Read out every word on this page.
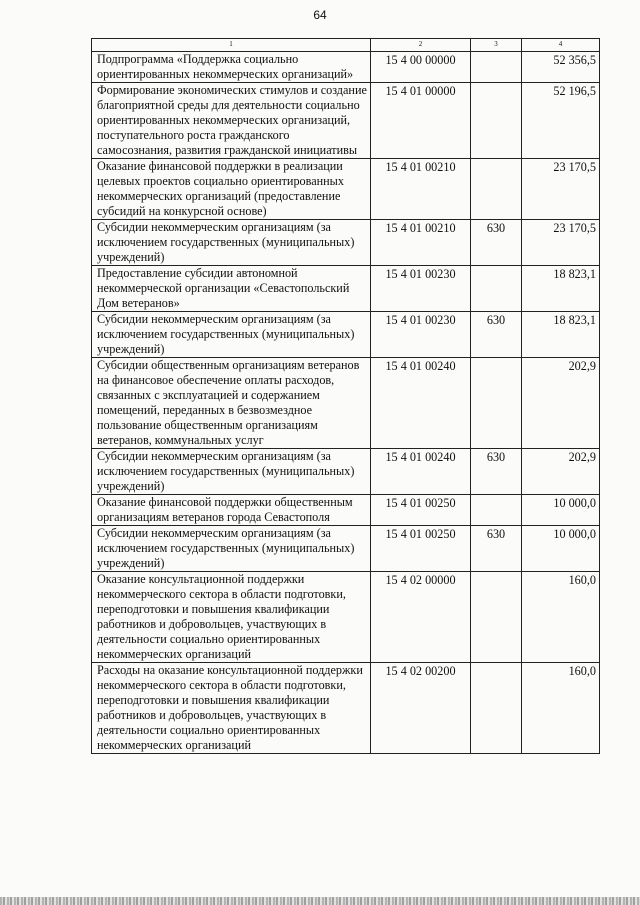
64
1	2	3	4
Подпрограмма «Поддержка социально ориентированных некоммерческих организаций»	15 4 00 00000		52 356,5
Формирование экономических стимулов и создание благоприятной среды для деятельности социально ориентированных некоммерческих организаций, поступательного роста гражданского самосознания, развития гражданской инициативы	15 4 01 00000		52 196,5
Оказание финансовой поддержки в реализации целевых проектов социально ориентированных некоммерческих организаций (предоставление субсидий на конкурсной основе)	15 4 01 00210		23 170,5
Субсидии некоммерческим организациям (за исключением государственных (муниципальных) учреждений)	15 4 01 00210	630	23 170,5
Предоставление субсидии автономной некоммерческой организации «Севастопольский Дом ветеранов»	15 4 01 00230		18 823,1
Субсидии некоммерческим организациям (за исключением государственных (муниципальных) учреждений)	15 4 01 00230	630	18 823,1
Субсидии общественным организациям ветеранов на финансовое обеспечение оплаты расходов, связанных с эксплуатацией и содержанием помещений, переданных в безвозмездное пользование общественным организациям ветеранов, коммунальных услуг	15 4 01 00240		202,9
Субсидии некоммерческим организациям (за исключением государственных (муниципальных) учреждений)	15 4 01 00240	630	202,9
Оказание финансовой поддержки общественным организациям ветеранов города Севастополя	15 4 01 00250		10 000,0
Субсидии некоммерческим организациям (за исключением государственных (муниципальных) учреждений)	15 4 01 00250	630	10 000,0
Оказание консультационной поддержки некоммерческого сектора в области подготовки, переподготовки и повышения квалификации работников и добровольцев, участвующих в деятельности социально ориентированных некоммерческих организаций	15 4 02 00000		160,0
Расходы на оказание консультационной поддержки некоммерческого сектора в области подготовки, переподготовки и повышения квалификации работников и добровольцев, участвующих в деятельности социально ориентированных некоммерческих организаций	15 4 02 00200		160,0
